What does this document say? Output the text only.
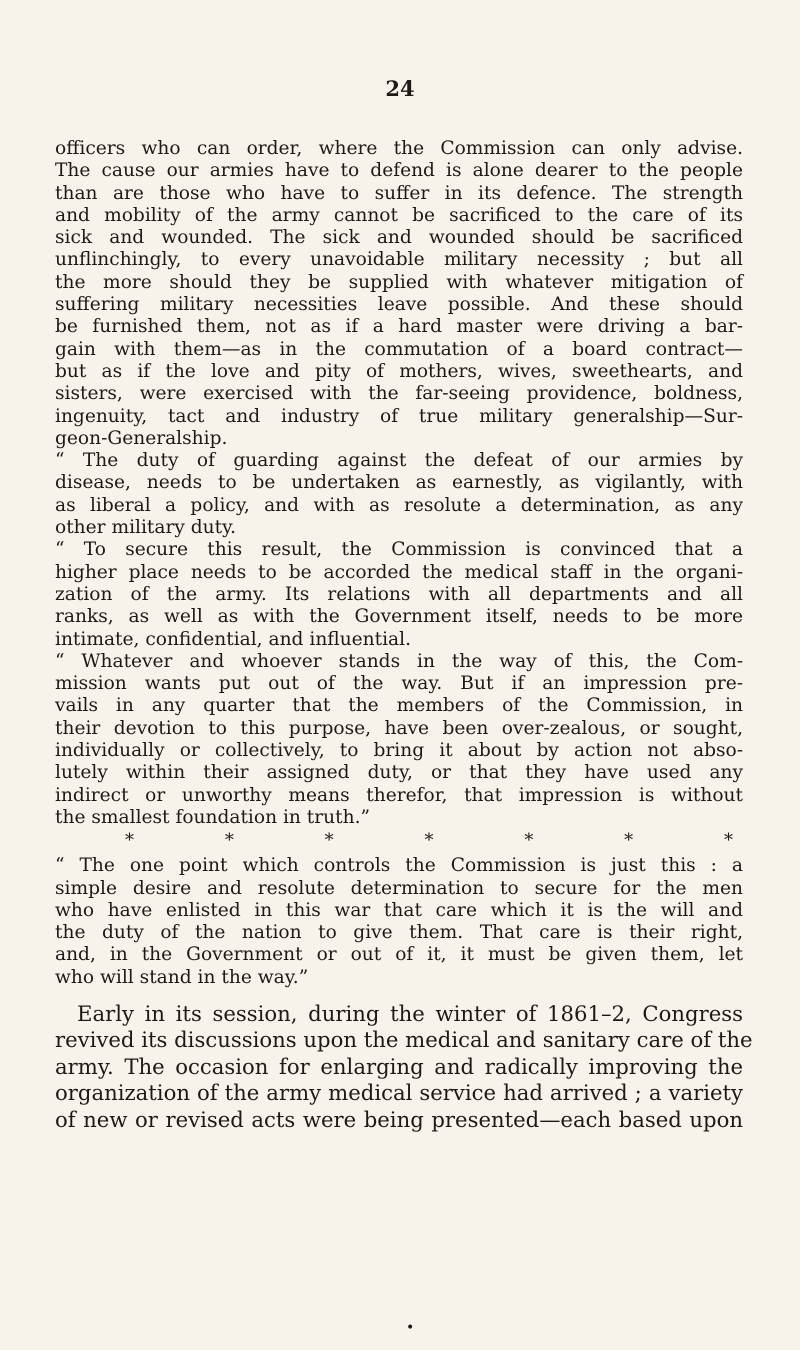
24
officers who can order, where the Commission can only advise.
The cause our armies have to defend is alone dearer to the people
than are those who have to suffer in its defence. The strength
and mobility of the army cannot be sacrificed to the care of its
sick and wounded. The sick and wounded should be sacrificed
unflinchingly, to every unavoidable military necessity ; but all
the more should they be supplied with whatever mitigation of
suffering military necessities leave possible. And these should
be furnished them, not as if a hard master were driving a bar-
gain with them—as in the commutation of a board contract—
but as if the love and pity of mothers, wives, sweethearts, and
sisters, were exercised with the far-seeing providence, boldness,
ingenuity, tact and industry of true military generalship—Sur-
geon-Generalship.
“ The duty of guarding against the defeat of our armies by
disease, needs to be undertaken as earnestly, as vigilantly, with
as liberal a policy, and with as resolute a determination, as any
other military duty.
“ To secure this result, the Commission is convinced that a
higher place needs to be accorded the medical staff in the organi-
zation of the army. Its relations with all departments and all
ranks, as well as with the Government itself, needs to be more
intimate, confidential, and influential.
“ Whatever and whoever stands in the way of this, the Com-
mission wants put out of the way. But if an impression pre-
vails in any quarter that the members of the Commission, in
their devotion to this purpose, have been over-zealous, or sought,
individually or collectively, to bring it about by action not abso-
lutely within their assigned duty, or that they have used any
indirect or unworthy means therefor, that impression is without
the smallest foundation in truth.”
*	*	*	*	*	*	*
“ The one point which controls the Commission is just this : a
simple desire and resolute determination to secure for the men
who have enlisted in this war that care which it is the will and
the duty of the nation to give them. That care is their right,
and, in the Government or out of it, it must be given them, let
who will stand in the way.”
Early in its session, during the winter of 1861–2, Congress
revived its discussions upon the medical and sanitary care of the
army. The occasion for enlarging and radically improving the
organization of the army medical service had arrived ; a variety
of new or revised acts were being presented—each based upon
•
